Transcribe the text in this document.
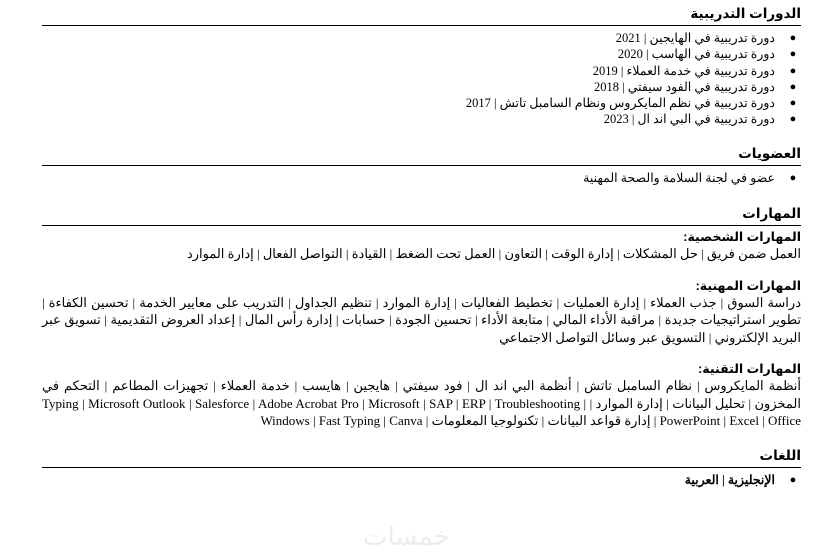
الدورات التدريبية
●
دورة تدريبية في الهايجين | 2021
●
دورة تدريبية في الهاسب | 2020
●
دورة تدريبية في خدمة العملاء | 2019
●
دورة تدريبية في الفود سيفتي | 2018
●
دورة تدريبية في نظم المايكروس ونظام السامبل تاتش | 2017
●
دورة تدريبية في البي اند ال | 2023
العضويات
●
عضو في لجنة السلامة والصحة المهنية
المهارات
المهارات الشخصية:

العمل ضمن فريق | حل المشكلات | إدارة الوقت | التعاون | العمل تحت الضغط | القيادة | التواصل الفعال | إدارة الموارد

المهارات المهنية:

دراسة السوق | جذب العملاء | إدارة العمليات | تخطيط الفعاليات | إدارة الموارد | تنظيم الجداول | التدريب على معايير الخدمة | تحسين الكفاءة | تطوير استراتيجيات جديدة | مراقبة الأداء المالي | متابعة الأداء | تحسين الجودة | حسابات | إدارة رأس المال | إعداد العروض التقديمية | تسويق عبر البريد الإلكتروني | التسويق عبر وسائل التواصل الاجتماعي

المهارات التقنية:

أنظمة المايكروس | نظام السامبل تاتش | أنظمة البي اند ال | فود سيفتي | هايجين | هايسب | خدمة العملاء | تجهيزات المطاعم | التحكم في المخزون | تحليل البيانات | إدارة الموارد | Typing | Microsoft Outlook | Salesforce | Adobe Acrobat Pro | Microsoft | SAP | ERP | Troubleshooting | PowerPoint | Excel | Office | إدارة قواعد البيانات | تكنولوجيا المعلومات | Windows | Fast Typing | Canva

اللغات
●
الإنجليزية | العربية
خمسات
